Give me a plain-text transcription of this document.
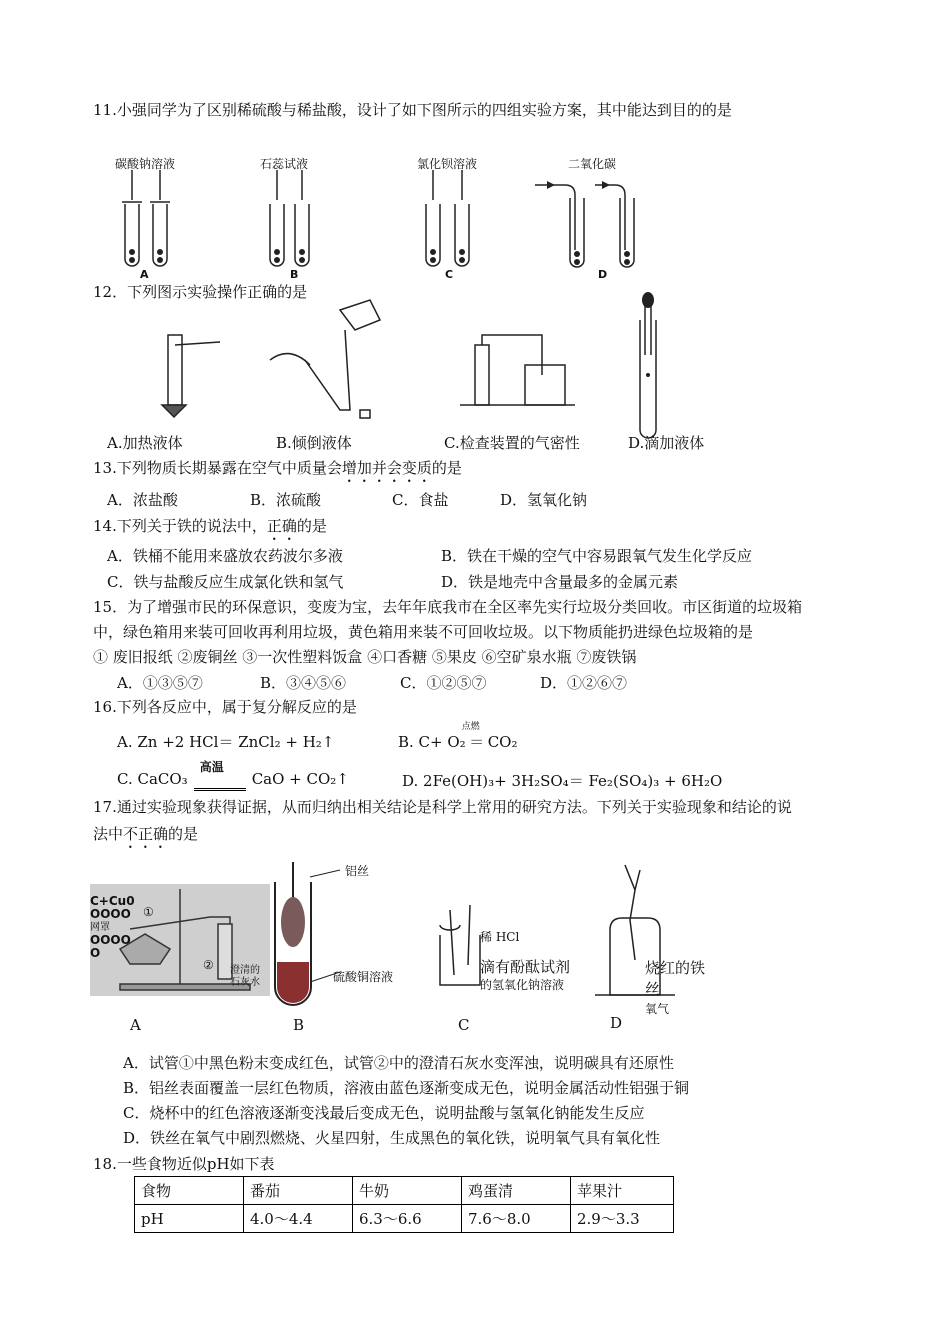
11.小强同学为了区别稀硫酸与稀盐酸，设计了如下图所示的四组实验方案，其中能达到目的的是
碳酸钠溶液	石蕊试液	氯化钡溶液	二氧化碳
A	B	C	D
12．下列图示实验操作正确的是
A.加热液体	B.倾倒液体	C.检查装置的气密性	D.滴加液体
13.下列物质长期暴露在空气中质量会增加并会变质的是
A．浓盐酸	B．浓硫酸	C．食盐	D．氢氧化钠
14.下列关于铁的说法中，正确的是
A．铁桶不能用来盛放农药波尔多液	B．铁在干燥的空气中容易跟氧气发生化学反应
C．铁与盐酸反应生成氯化铁和氢气	D．铁是地壳中含量最多的金属元素
15．为了增强市民的环保意识，变废为宝，去年年底我市在全区率先实行垃圾分类回收。市区街道的垃圾箱
中，绿色箱用来装可回收再利用垃圾，黄色箱用来装不可回收垃圾。以下物质能扔进绿色垃圾箱的是
① 废旧报纸 ②废铜丝 ③一次性塑料饭盒 ④口香糖 ⑤果皮 ⑥空矿泉水瓶 ⑦废铁锅
A．①③⑤⑦	B．③④⑤⑥	C．①②⑤⑦	D．①②⑥⑦
16.下列各反应中，属于复分解反应的是
A. Zn +2 HCl＝ ZnCl₂ + H₂↑	B. C+ O₂
点燃
＝ CO₂
C. CaCO₃
高温
CaO + CO₂↑	D. 2Fe(OH)₃+ 3H₂SO₄＝ Fe₂(SO₄)₃ + 6H₂O
17.通过实验现象获得证据，从而归纳出相关结论是科学上常用的研究方法。下列关于实验现象和结论的说
法中不正确的是
C+Cu0
OOOO
网罩
OOOO
O
①
② 澄清的
石灰水
铝丝
硫酸铜溶液
稀 HCl
滴有酚酞试剂
的氢氧化钠溶液
烧红的铁
丝
氧气
A	B	C	D
A．试管①中黑色粉末变成红色，试管②中的澄清石灰水变浑浊，说明碳具有还原性
B．铝丝表面覆盖一层红色物质，溶液由蓝色逐渐变成无色，说明金属活动性铝强于铜
C．烧杯中的红色溶液逐渐变浅最后变成无色，说明盐酸与氢氧化钠能发生反应
D．铁丝在氧气中剧烈燃烧、火星四射，生成黑色的氧化铁，说明氧气具有氧化性
18.一些食物近似pH如下表
食物	番茄	牛奶	鸡蛋清	苹果汁
pH	4.0～4.4	6.3～6.6	7.6～8.0	2.9～3.3
